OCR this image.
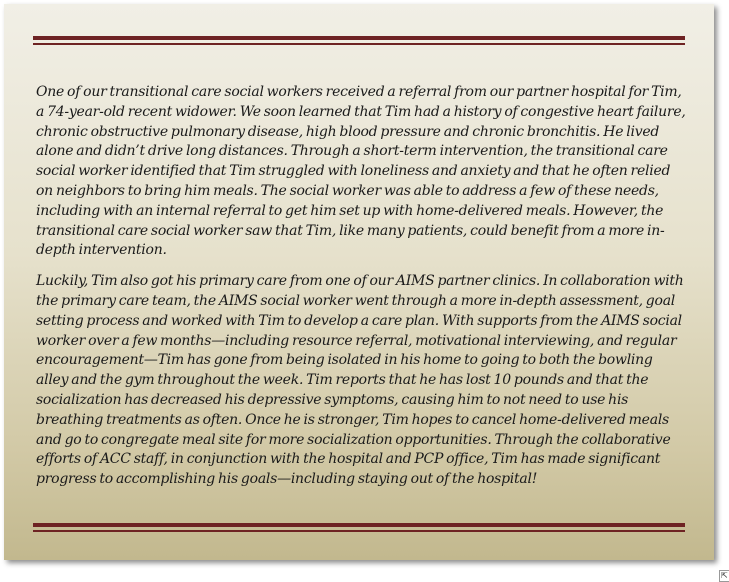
One of our transitional care social workers received a referral from our partner hospital for Tim, a 74-year-old recent widower. We soon learned that Tim had a history of congestive heart failure, chronic obstructive pulmonary disease, high blood pressure and chronic bronchitis. He lived alone and didn’t drive long distances. Through a short-term intervention, the transitional care social worker identified that Tim struggled with loneliness and anxiety and that he often relied on neighbors to bring him meals. The social worker was able to address a few of these needs, including with an internal referral to get him set up with home-delivered meals. However, the transitional care social worker saw that Tim, like many patients, could benefit from a more in-depth intervention.

Luckily, Tim also got his primary care from one of our AIMS partner clinics. In collaboration with the primary care team, the AIMS social worker went through a more in-depth assessment, goal setting process and worked with Tim to develop a care plan. With supports from the AIMS social worker over a few months—including resource referral, motivational interviewing, and regular encouragement—Tim has gone from being isolated in his home to going to both the bowling alley and the gym throughout the week. Tim reports that he has lost 10 pounds and that the socialization has decreased his depressive symptoms, causing him to not need to use his breathing treatments as often. Once he is stronger, Tim hopes to cancel home-delivered meals and go to congregate meal site for more socialization opportunities. Through the collaborative efforts of ACC staff, in conjunction with the hospital and PCP office, Tim has made significant progress to accomplishing his goals—including staying out of the hospital!

⇱
